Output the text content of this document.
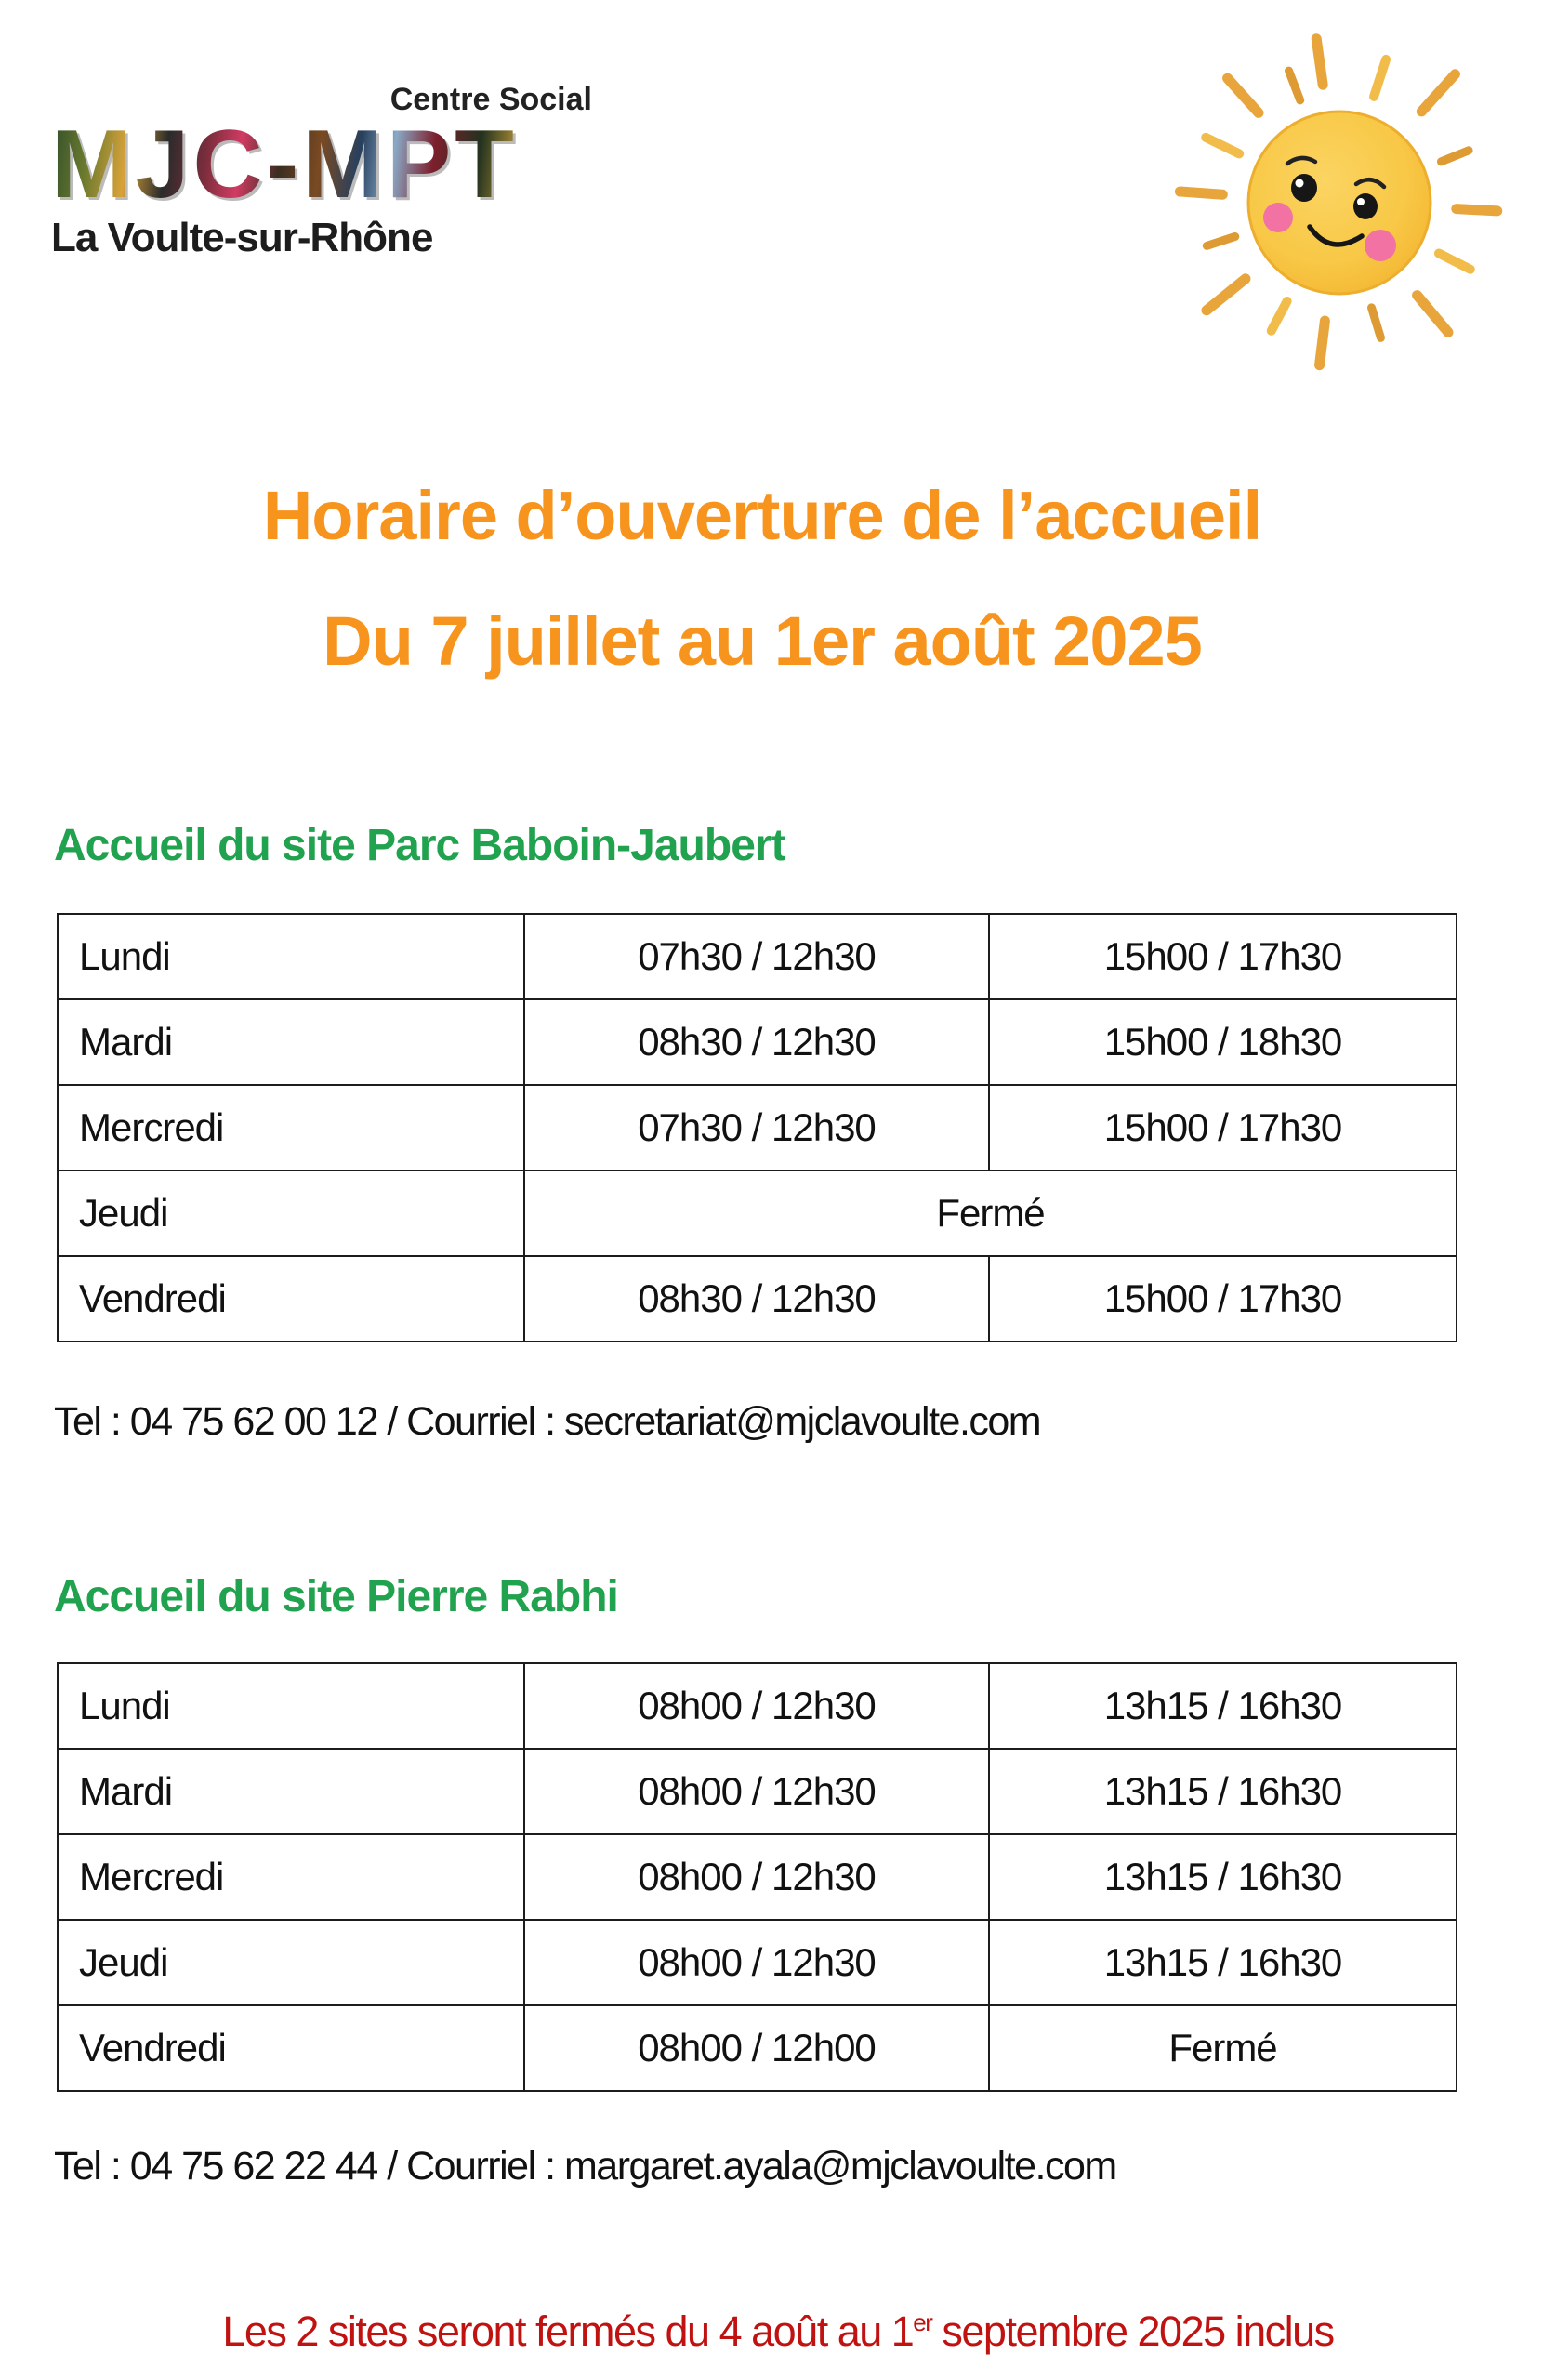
Centre Social
MJC-MPT
La Voulte-sur-Rhône
Horaire d’ouverture de l’accueil
Du 7 juillet au 1er août 2025
Accueil du site Parc Baboin-Jaubert
Lundi	07h30 / 12h30	15h00 / 17h30
Mardi	08h30 / 12h30	15h00 / 18h30
Mercredi	07h30 / 12h30	15h00 / 17h30
Jeudi	Fermé	
Vendredi	08h30 / 12h30	15h00 / 17h30
Tel : 04 75 62 00 12 / Courriel : secretariat@mjclavoulte.com
Accueil du site Pierre Rabhi
Lundi	08h00 / 12h30	13h15 / 16h30
Mardi	08h00 / 12h30	13h15 / 16h30
Mercredi	08h00 / 12h30	13h15 / 16h30
Jeudi	08h00 / 12h30	13h15 / 16h30
Vendredi	08h00 / 12h00	Fermé
Tel : 04 75 62 22 44 / Courriel : margaret.ayala@mjclavoulte.com
Les 2 sites seront fermés du 4 août au 1er septembre 2025 inclus
